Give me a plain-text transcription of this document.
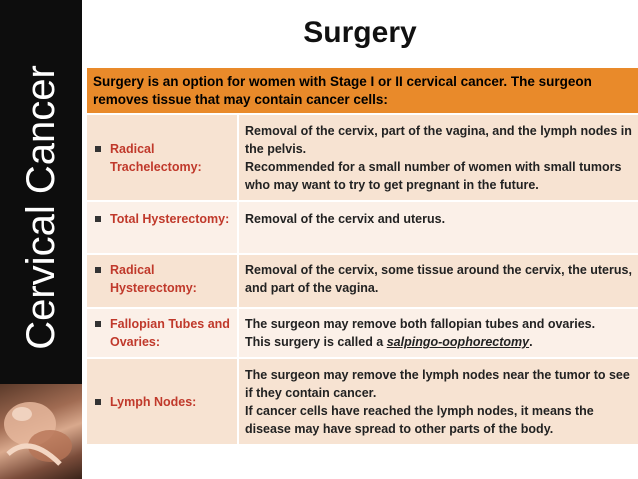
Cervical Cancer
Surgery
Surgery is an option for women with Stage I or II cervical cancer. The surgeon removes tissue that may contain cancer cells:
Radical Trachelectomy:
Removal of the cervix, part of the vagina, and the lymph nodes in the pelvis.
Recommended for a small number of women with small tumors who may want to try to get pregnant in the future.
Total Hysterectomy: Removal of the cervix and uterus.
Radical Hysterectomy:
Removal of the cervix, some tissue around the cervix, the uterus, and part of the vagina.
Fallopian Tubes and Ovaries:
The surgeon may remove both fallopian tubes and ovaries.
This surgery is called a salpingo-oophorectomy.
Lymph Nodes:
The surgeon may remove the lymph nodes near the tumor to see if they contain cancer.
If cancer cells have reached the lymph nodes, it means the disease may have spread to other parts of the body.
